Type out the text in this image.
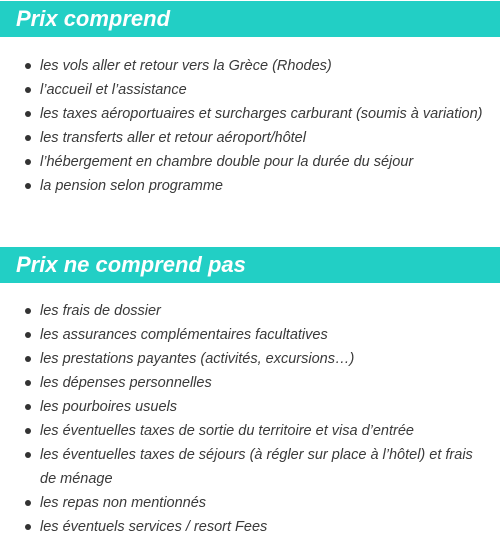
Prix comprend
les vols aller et retour vers la Grèce (Rhodes)
l’accueil et l’assistance
les taxes aéroportuaires et surcharges carburant (soumis à variation)
les transferts aller et retour aéroport/hôtel
l’hébergement en chambre double pour la durée du séjour
la pension selon programme
Prix ne comprend pas
les frais de dossier
les assurances complémentaires facultatives
les prestations payantes (activités, excursions…)
les dépenses personnelles
les pourboires usuels
les éventuelles taxes de sortie du territoire et visa d’entrée
les éventuelles taxes de séjours (à régler sur place à l’hôtel) et frais de ménage
les repas non mentionnés
les éventuels services / resort Fees
